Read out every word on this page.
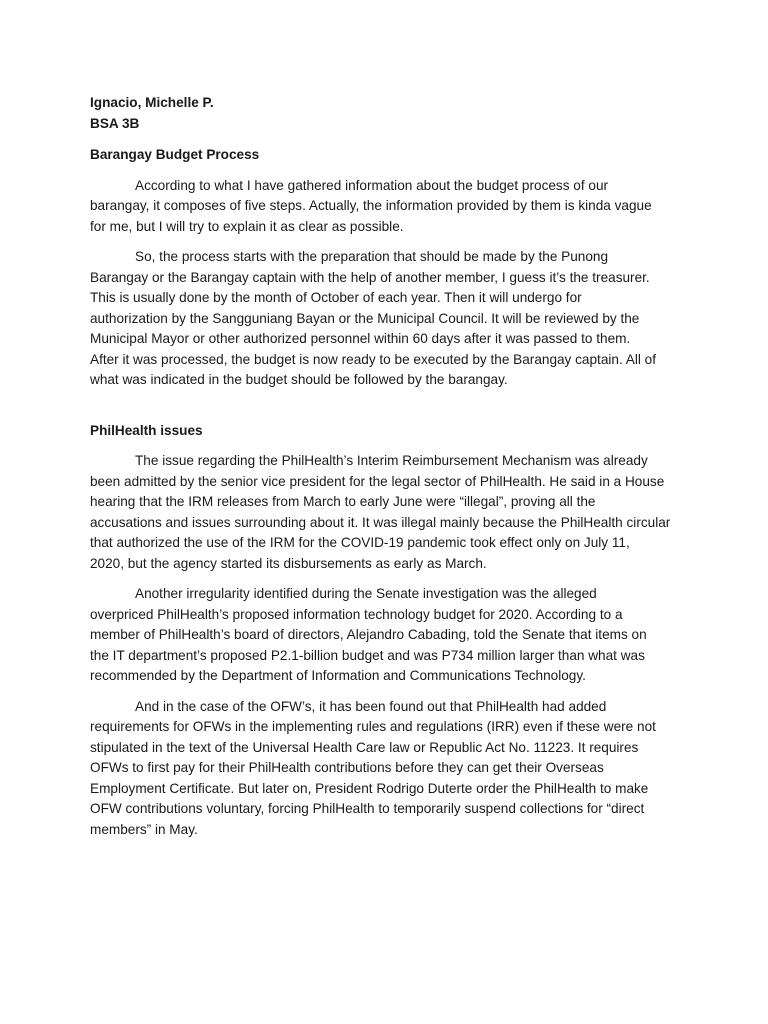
Ignacio, Michelle P.
BSA 3B
Barangay Budget Process
According to what I have gathered information about the budget process of our
barangay, it composes of five steps. Actually, the information provided by them is kinda vague
for me, but I will try to explain it as clear as possible.
So, the process starts with the preparation that should be made by the Punong
Barangay or the Barangay captain with the help of another member, I guess it’s the treasurer.
This is usually done by the month of October of each year. Then it will undergo for
authorization by the Sangguniang Bayan or the Municipal Council. It will be reviewed by the
Municipal Mayor or other authorized personnel within 60 days after it was passed to them.
After it was processed, the budget is now ready to be executed by the Barangay captain. All of
what was indicated in the budget should be followed by the barangay.
PhilHealth issues
The issue regarding the PhilHealth’s Interim Reimbursement Mechanism was already
been admitted by the senior vice president for the legal sector of PhilHealth. He said in a House
hearing that the IRM releases from March to early June were “illegal”, proving all the
accusations and issues surrounding about it. It was illegal mainly because the PhilHealth circular
that authorized the use of the IRM for the COVID-19 pandemic took effect only on July 11,
2020, but the agency started its disbursements as early as March.
Another irregularity identified during the Senate investigation was the alleged
overpriced PhilHealth’s proposed information technology budget for 2020. According to a
member of PhilHealth’s board of directors, Alejandro Cabading, told the Senate that items on
the IT department’s proposed P2.1-billion budget and was P734 million larger than what was
recommended by the Department of Information and Communications Technology.
And in the case of the OFW’s, it has been found out that PhilHealth had added
requirements for OFWs in the implementing rules and regulations (IRR) even if these were not
stipulated in the text of the Universal Health Care law or Republic Act No. 11223. It requires
OFWs to first pay for their PhilHealth contributions before they can get their Overseas
Employment Certificate. But later on, President Rodrigo Duterte order the PhilHealth to make
OFW contributions voluntary, forcing PhilHealth to temporarily suspend collections for “direct
members” in May.
